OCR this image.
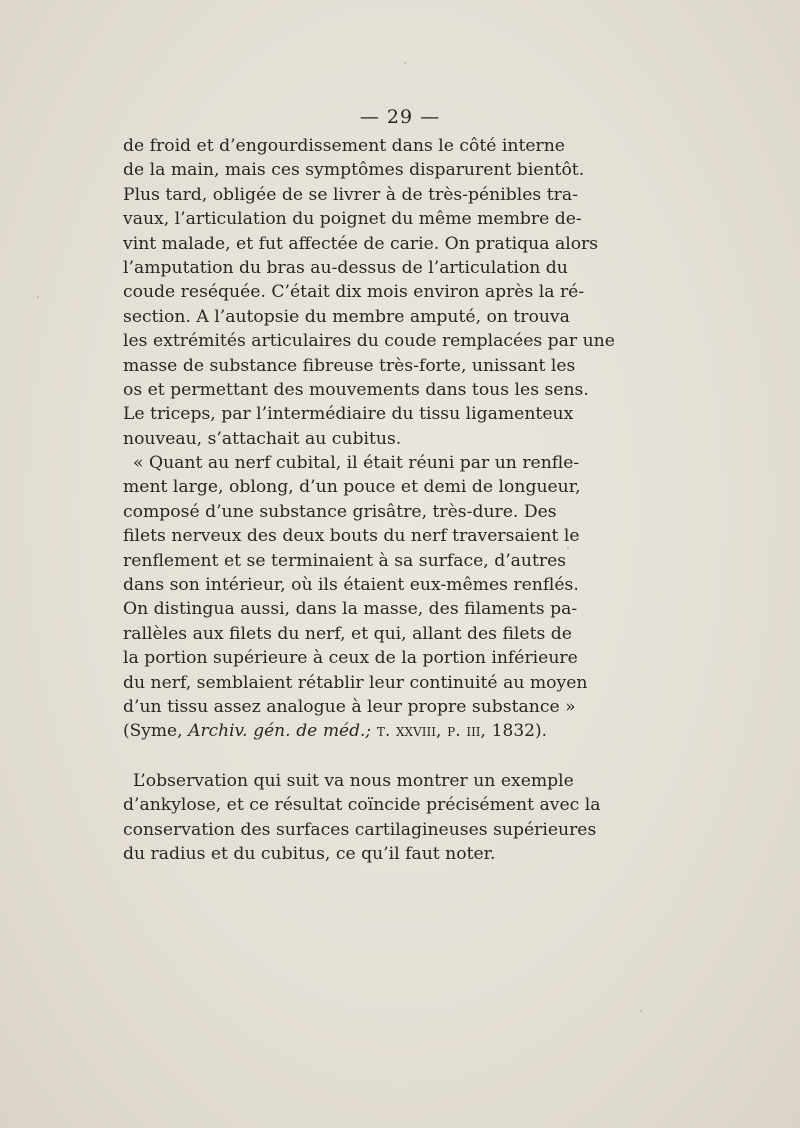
— 29 —
de froid et d’engourdissement dans le côté interne
de la main, mais ces symptômes disparurent bientôt.
Plus tard, obligée de se livrer à de très-pénibles tra-
vaux, l’articulation du poignet du même membre de-
vint malade, et fut affectée de carie. On pratiqua alors
l’amputation du bras au-dessus de l’articulation du
coude reséquée. C’était dix mois environ après la ré-
section. A l’autopsie du membre amputé, on trouva
les extrémités articulaires du coude remplacées par une
masse de substance fibreuse très-forte, unissant les
os et permettant des mouvements dans tous les sens.
Le triceps, par l’intermédiaire du tissu ligamenteux
nouveau, s’attachait au cubitus.
« Quant au nerf cubital, il était réuni par un renfle-
ment large, oblong, d’un pouce et demi de longueur,
composé d’une substance grisâtre, très-dure. Des
filets nerveux des deux bouts du nerf traversaient le
renflement et se terminaient à sa surface, d’autres
dans son intérieur, où ils étaient eux-mêmes renflés.
On distingua aussi, dans la masse, des filaments pa-
rallèles aux filets du nerf, et qui, allant des filets de
la portion supérieure à ceux de la portion inférieure
du nerf, semblaient rétablir leur continuité au moyen
d’un tissu assez analogue à leur propre substance »
(Syme, Archiv. gén. de méd.; t. xxviii, p. iii, 1832).
L’observation qui suit va nous montrer un exemple
d’ankylose, et ce résultat coïncide précisément avec la
conservation des surfaces cartilagineuses supérieures
du radius et du cubitus, ce qu’il faut noter.
